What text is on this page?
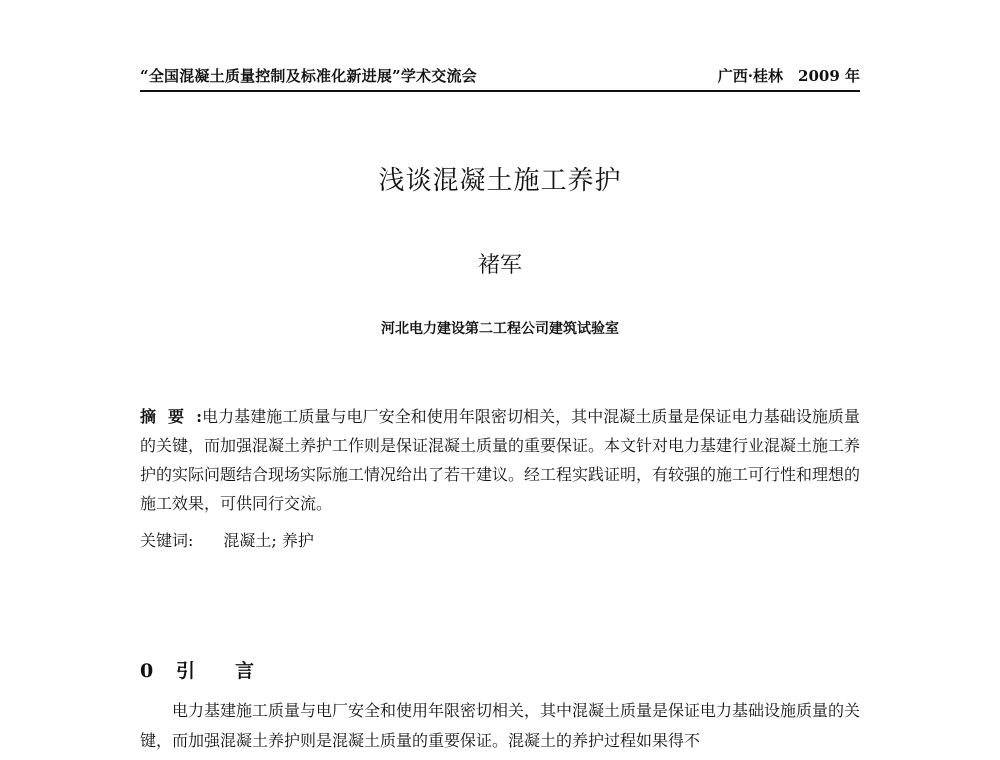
“全国混凝土质量控制及标准化新进展”学术交流会	广西·桂林　2009 年
浅谈混凝土施工养护
褚军
河北电力建设第二工程公司建筑试验室
摘要:电力基建施工质量与电厂安全和使用年限密切相关，其中混凝土质量是保证电力基础设施质量的关键，而加强混凝土养护工作则是保证混凝土质量的重要保证。本文针对电力基建行业混凝土施工养护的实际问题结合现场实际施工情况给出了若干建议。经工程实践证明，有较强的施工可行性和理想的施工效果，可供同行交流。
关键词: 混凝土; 养护
0 引言
电力基建施工质量与电厂安全和使用年限密切相关，其中混凝土质量是保证电力基础设施质量的关键，而加强混凝土养护则是混凝土质量的重要保证。混凝土的养护过程如果得不
